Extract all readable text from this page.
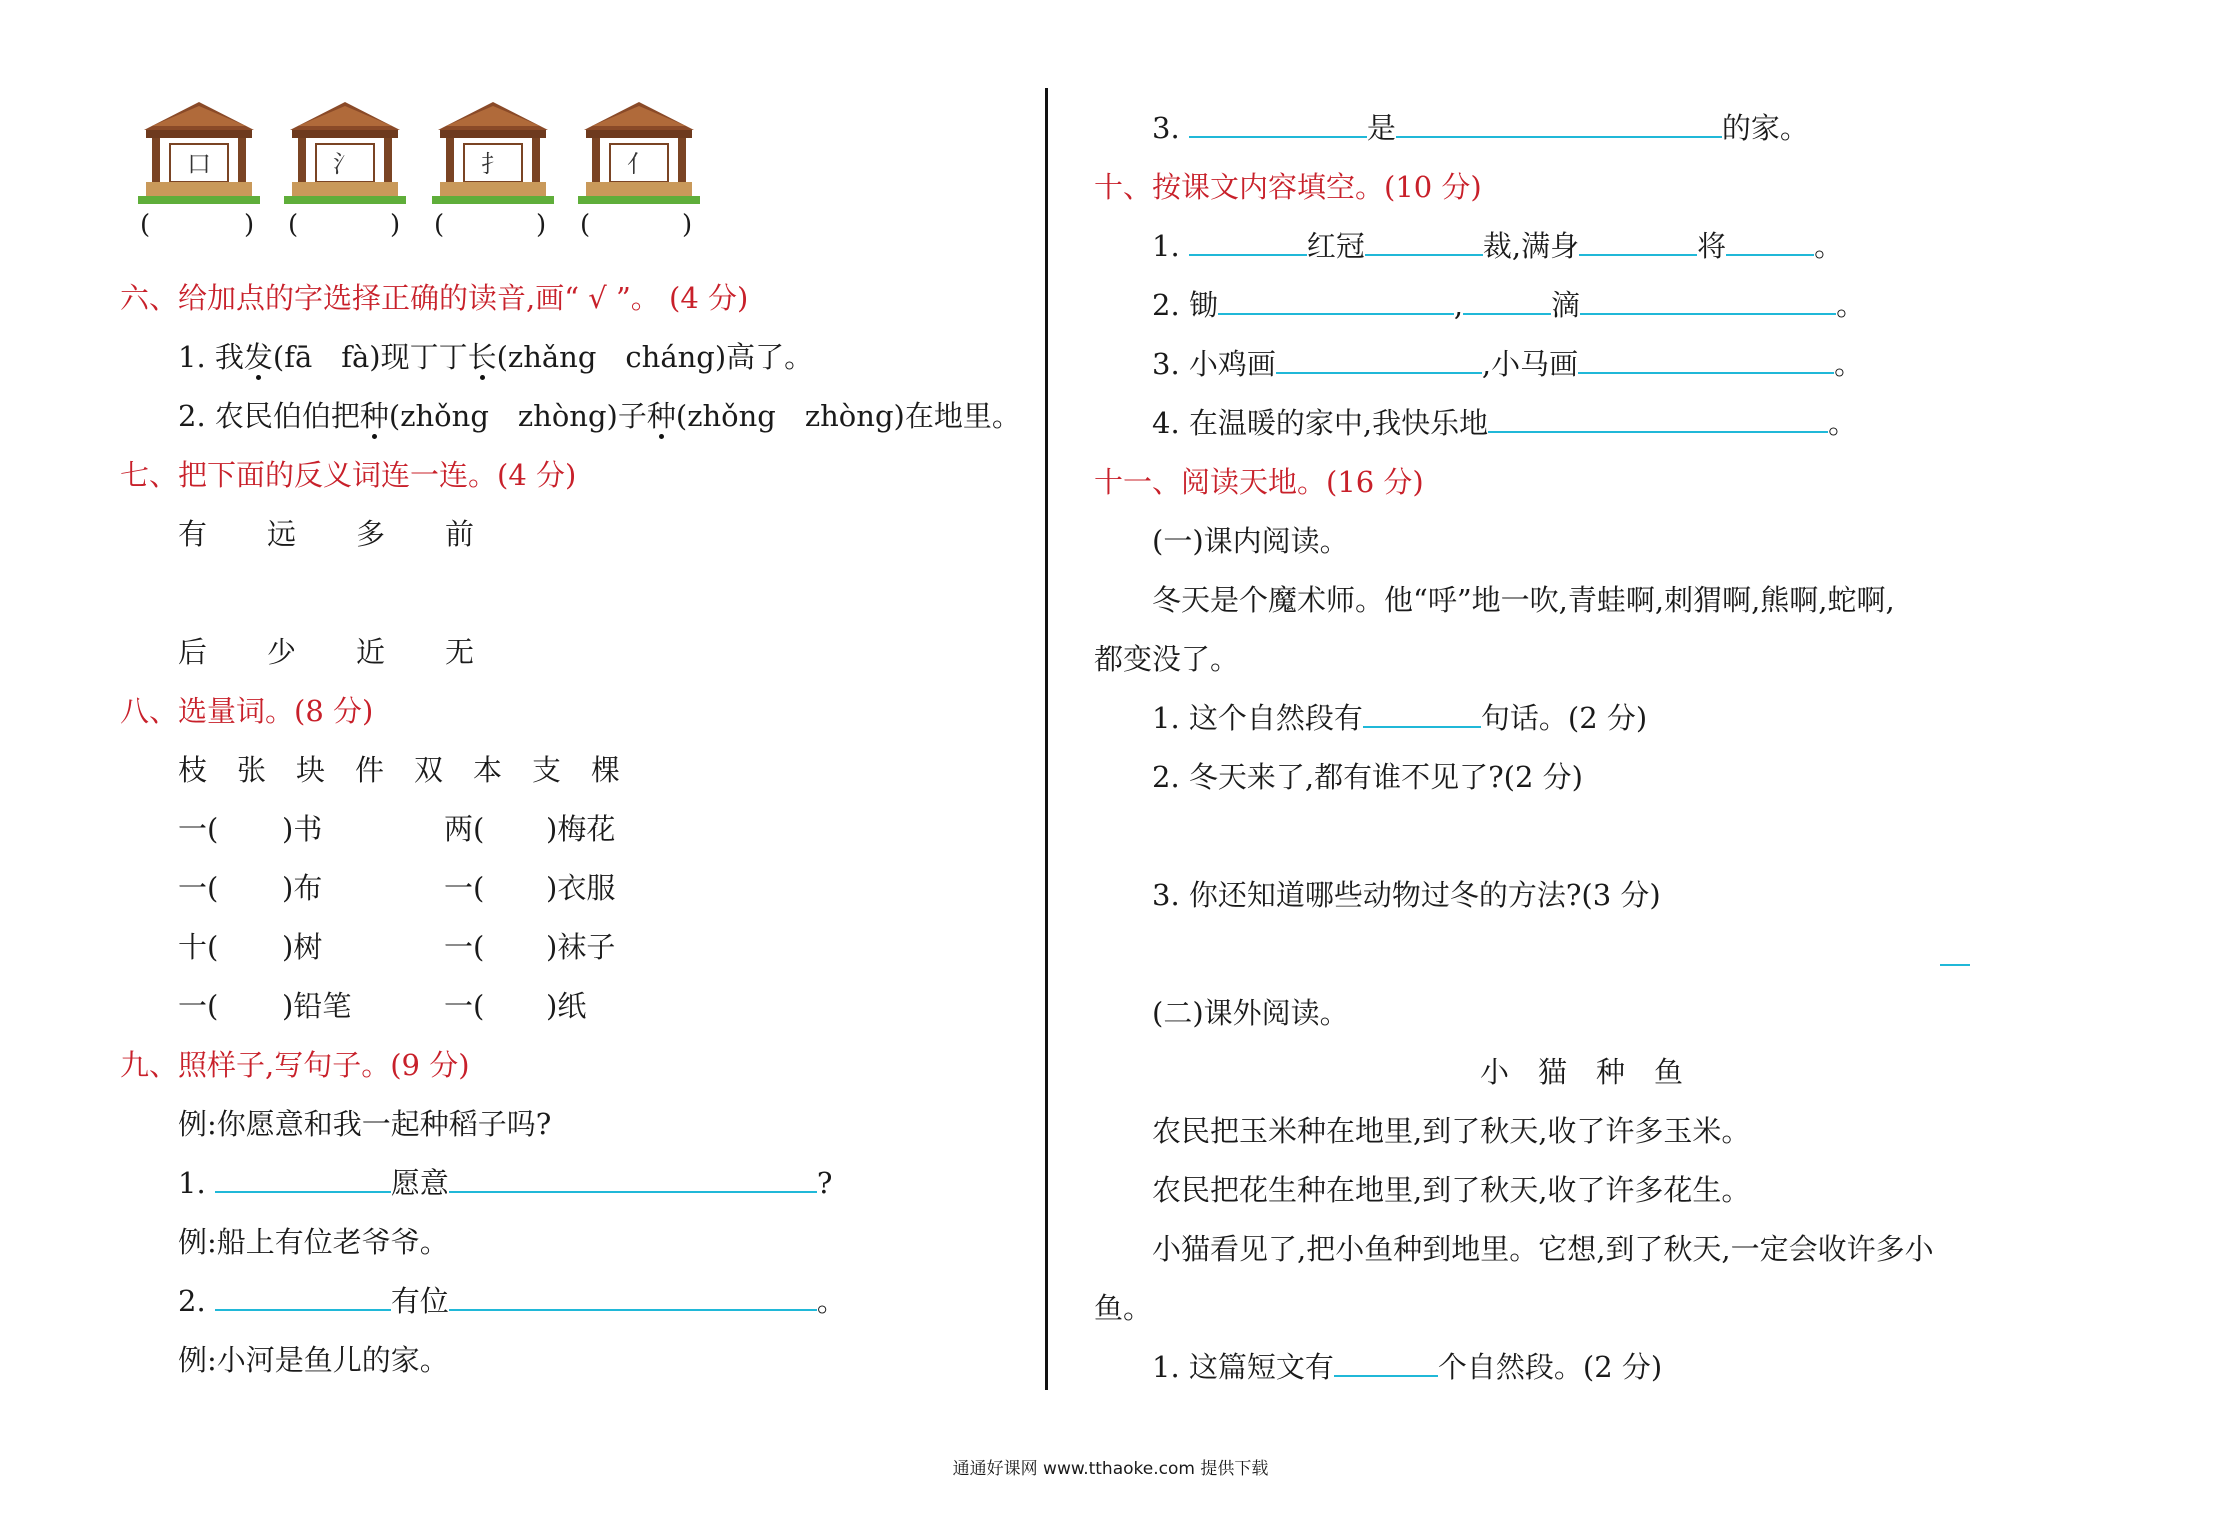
口	氵	扌	亻
(	) (	) (	) (	)
六、给加点的字选择正确的读音,画“ √ ”。 (4 分)
1. 我发(fā　fà)现丁丁长(zhǎng　cháng)高了。
2. 农民伯伯把种(zhǒng　zhòng)子种(zhǒng　zhòng)在地里。
七、把下面的反义词连一连。(4 分)
有 远 多 前
后 少 近 无
八、选量词。(8 分)
枝 张 块 件 双 本 支 棵
一( )书	两( )梅花
一( )布	一( )衣服
十( )树	一( )袜子
一( )铅笔	一( )纸
九、照样子,写句子。(9 分)
例:你愿意和我一起种稻子吗?
1.	愿意	?
例:船上有位老爷爷。
2.	有位	。
例:小河是鱼儿的家。
3.	是	的家。
十、按课文内容填空。(10 分)
1.	红冠	裁,满身	将	。
2. 锄	,	滴	。
3. 小鸡画	,小马画	。
4. 在温暖的家中,我快乐地	。
十一、阅读天地。(16 分)
(一)课内阅读。
冬天是个魔术师。他“呼”地一吹,青蛙啊,刺猬啊,熊啊,蛇啊,
都变没了。
1. 这个自然段有	句话。(2 分)
2. 冬天来了,都有谁不见了?(2 分)
3. 你还知道哪些动物过冬的方法?(3 分)
(二)课外阅读。
小　猫　种　鱼
农民把玉米种在地里,到了秋天,收了许多玉米。
农民把花生种在地里,到了秋天,收了许多花生。
小猫看见了,把小鱼种到地里。它想,到了秋天,一定会收许多小
鱼。
1. 这篇短文有	个自然段。(2 分)
通通好课网 www.tthaoke.com 提供下载
